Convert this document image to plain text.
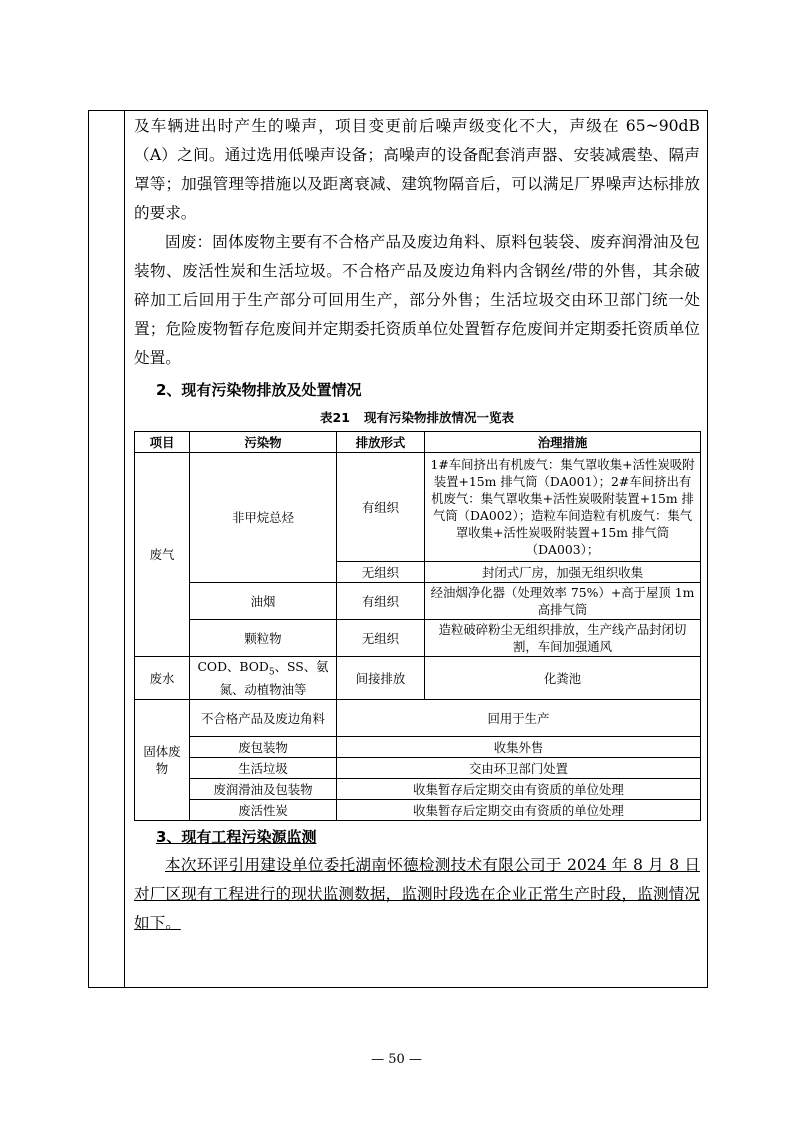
及车辆进出时产生的噪声，项目变更前后噪声级变化不大，声级在 65~90dB（A）之间。通过选用低噪声设备；高噪声的设备配套消声器、安装减震垫、隔声罩等；加强管理等措施以及距离衰减、建筑物隔音后，可以满足厂界噪声达标排放的要求。

固废：固体废物主要有不合格产品及废边角料、原料包装袋、废弃润滑油及包装物、废活性炭和生活垃圾。不合格产品及废边角料内含钢丝/带的外售，其余破碎加工后回用于生产部分可回用生产，部分外售；生活垃圾交由环卫部门统一处置；危险废物暂存危废间并定期委托资质单位处置暂存危废间并定期委托资质单位处置。

2、现有污染物排放及处置情况
表21 现有污染物排放情况一览表
项目	污染物	排放形式	治理措施
废气	非甲烷总烃	有组织	1#车间挤出有机废气：集气罩收集+活性炭吸附装置+15m 排气筒（DA001）；2#车间挤出有机废气：集气罩收集+活性炭吸附装置+15m 排气筒（DA002）；造粒车间造粒有机废气：集气罩收集+活性炭吸附装置+15m 排气筒（DA003）；
		无组织	封闭式厂房，加强无组织收集
	油烟	有组织	经油烟净化器（处理效率 75%）+高于屋顶 1m 高排气筒
	颗粒物	无组织	造粒破碎粉尘无组织排放，生产线产品封闭切割，车间加强通风
废水	COD、$BOD_5$、SS、氨氮、动植物油等	间接排放	化粪池
固体废物	不合格产品及废边角料	回用于生产	
	废包装物	收集外售	
	生活垃圾	交由环卫部门处置	
	废润滑油及包装物	收集暂存后定期交由有资质的单位处理	
	废活性炭	收集暂存后定期交由有资质的单位处理	
3、现有工程污染源监测

本次环评引用建设单位委托湖南怀德检测技术有限公司于 2024 年 8 月 8 日对厂区现有工程进行的现状监测数据，监测时段选在企业正常生产时段，监测情况如下。

— 50 —
